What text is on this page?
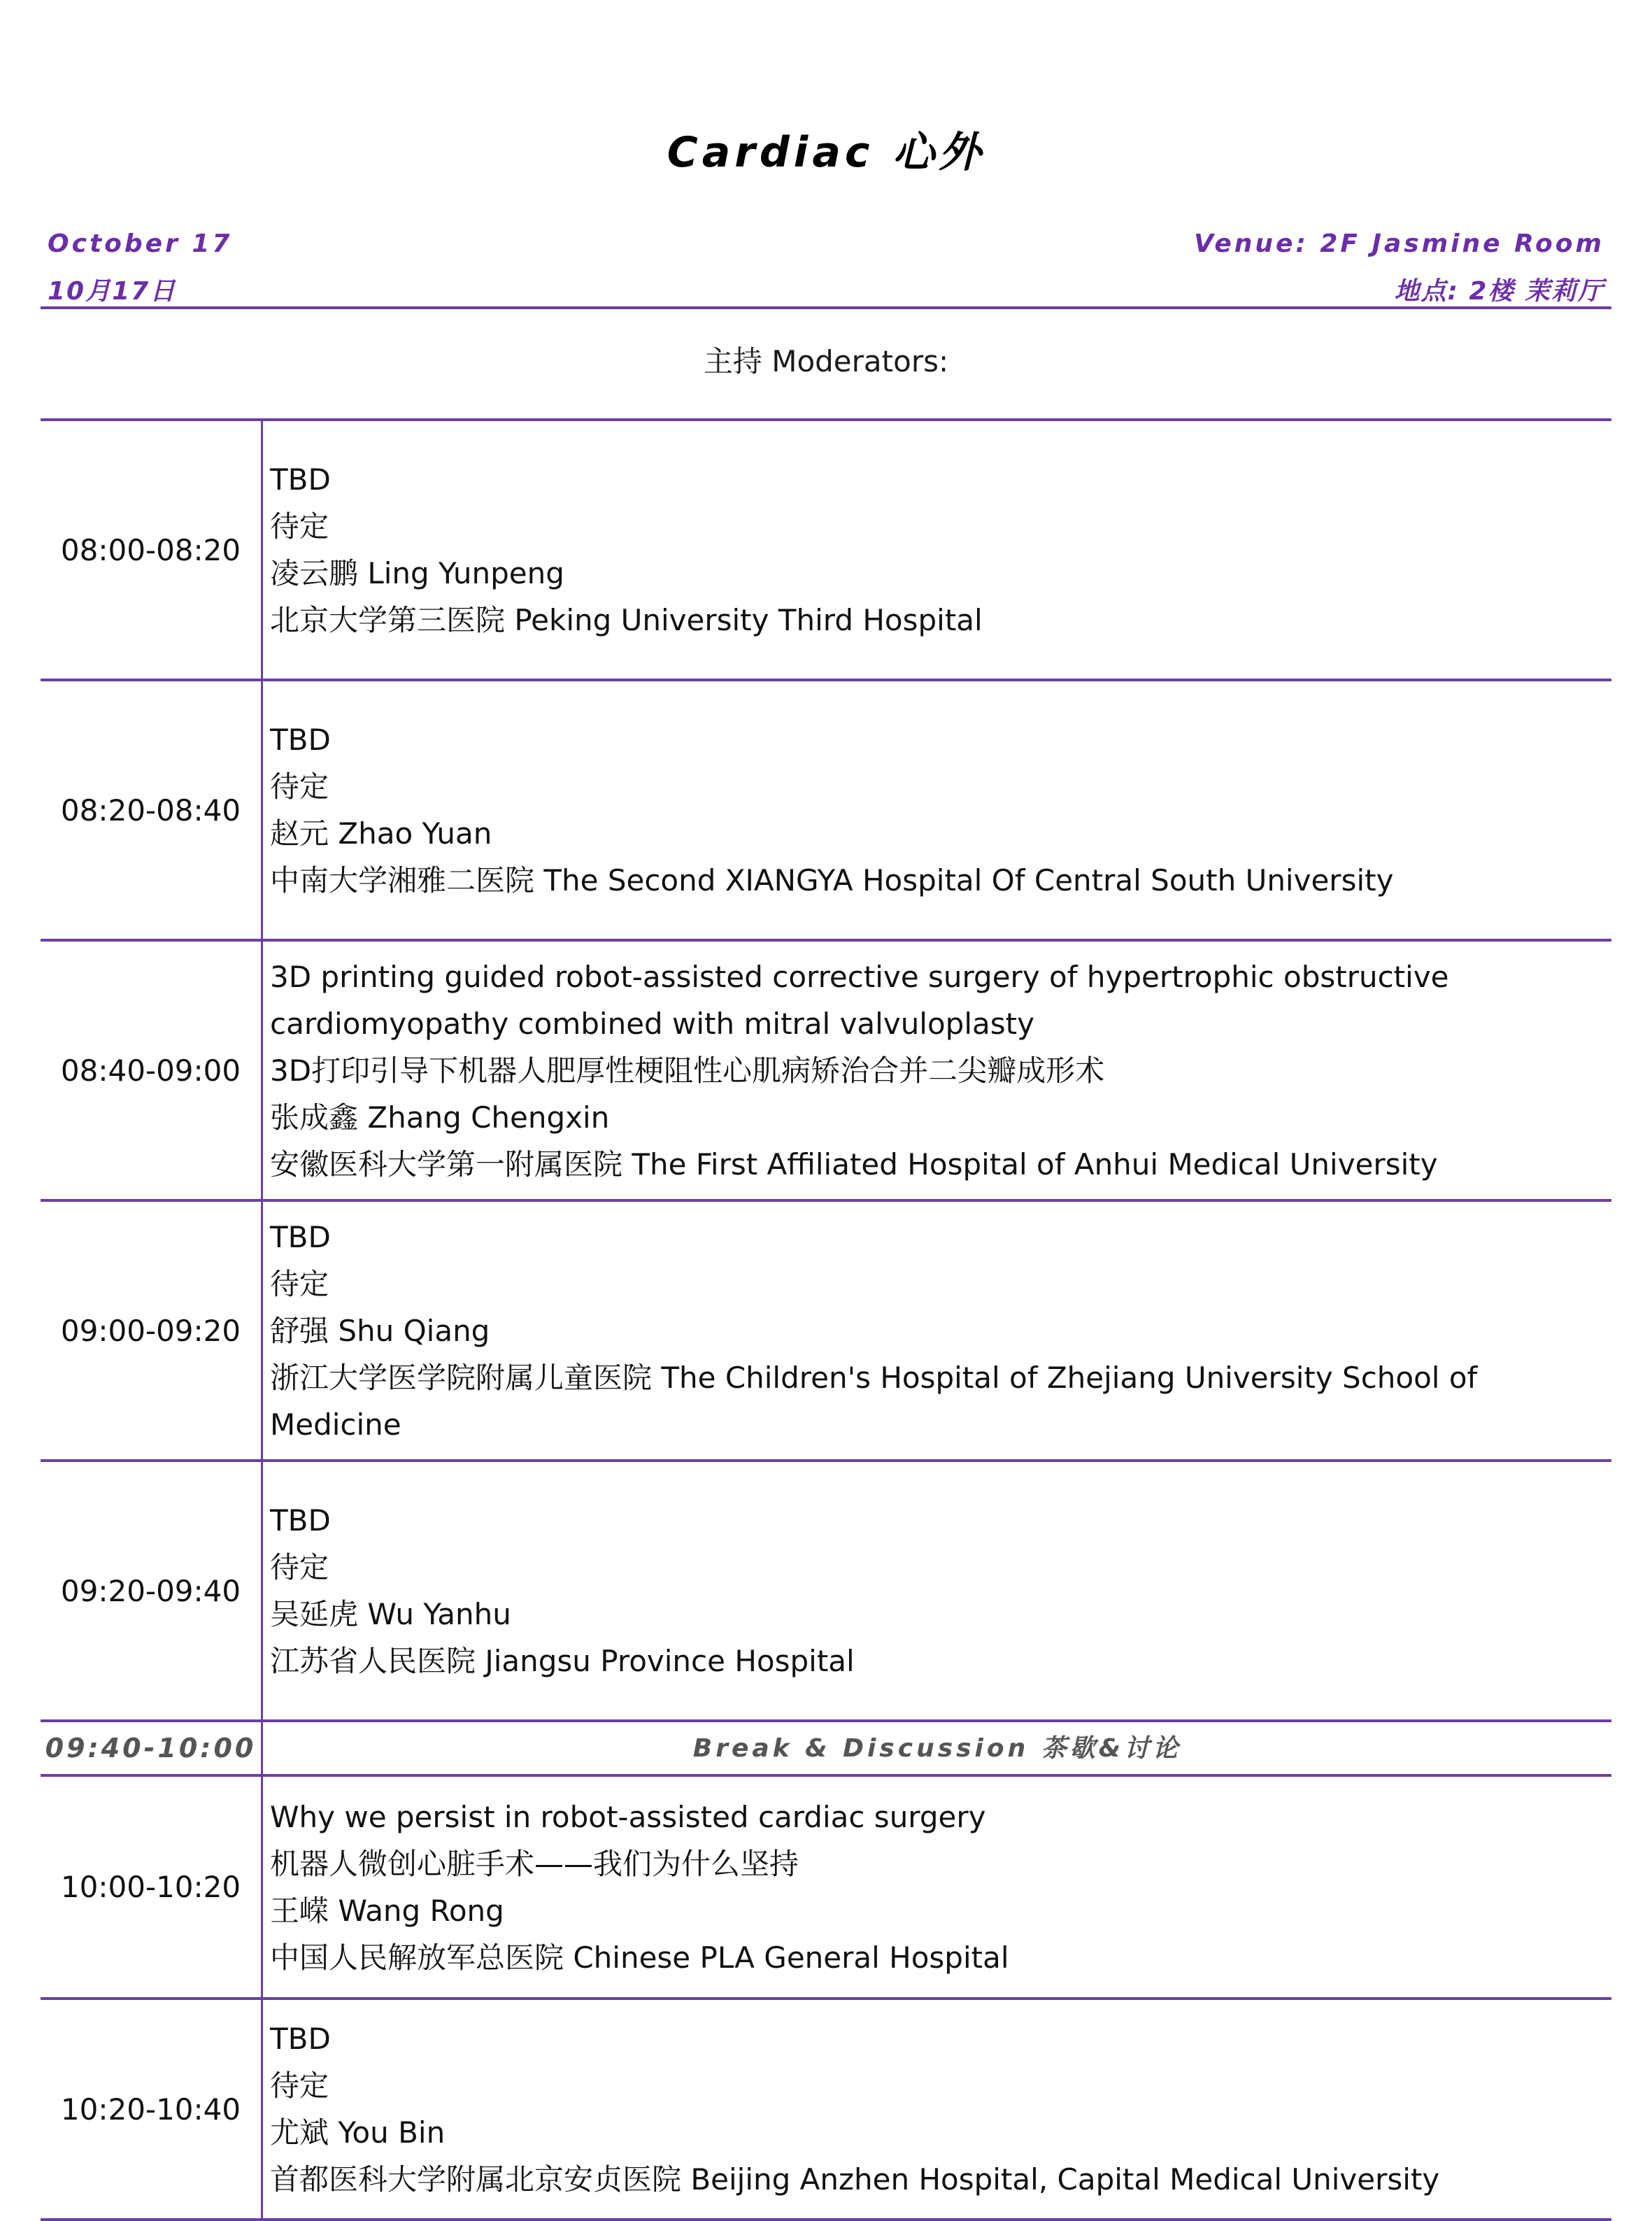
Cardiac 心外
October 17
10月17日
Venue: 2F Jasmine Room
地点: 2楼 茉莉厅
主持 Moderators:
08:00-08:20
TBD
待定
凌云鹏 Ling Yunpeng
北京大学第三医院 Peking University Third Hospital
08:20-08:40
TBD
待定
赵元 Zhao Yuan
中南大学湘雅二医院 The Second XIANGYA Hospital Of Central South University
08:40-09:00
3D printing guided robot-assisted corrective surgery of hypertrophic obstructive
cardiomyopathy combined with mitral valvuloplasty
3D打印引导下机器人肥厚性梗阻性心肌病矫治合并二尖瓣成形术
张成鑫 Zhang Chengxin
安徽医科大学第一附属医院 The First Affiliated Hospital of Anhui Medical University
09:00-09:20
TBD
待定
舒强 Shu Qiang
浙江大学医学院附属儿童医院 The Children's Hospital of Zhejiang University School of
Medicine
09:20-09:40
TBD
待定
吴延虎 Wu Yanhu
江苏省人民医院 Jiangsu Province Hospital
09:40-10:00	Break & Discussion 茶歇&讨论
10:00-10:20
Why we persist in robot-assisted cardiac surgery
机器人微创心脏手术——我们为什么坚持
王嵘 Wang Rong
中国人民解放军总医院 Chinese PLA General Hospital
10:20-10:40
TBD
待定
尤斌 You Bin
首都医科大学附属北京安贞医院 Beijing Anzhen Hospital, Capital Medical University
